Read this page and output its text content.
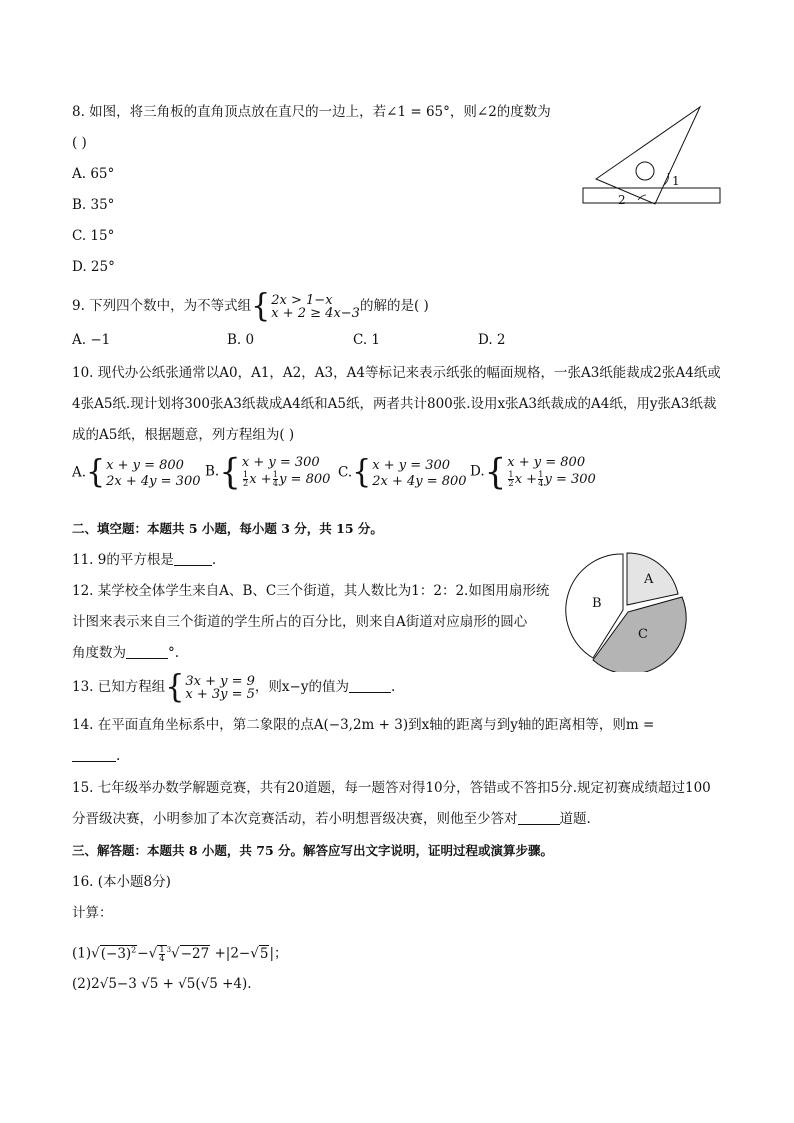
8. 如图，将三角板的直角顶点放在直尺的一边上，若∠1 = 65°，则∠2的度数为
( )
A. 65°
B. 35°
C. 15°
D. 25°
1
2
9. 下列四个数中，为不等式组 { 2x > 1−x
x + 2 ≥ 4x−3 的解的是( )
A. −1	B. 0	C. 1	D. 2
10. 现代办公纸张通常以A0，A1，A2，A3，A4等标记来表示纸张的幅面规格，一张A3纸能裁成2张A4纸或
4张A5纸.现计划将300张A3纸裁成A4纸和A5纸，两者共计800张.设用x张A3纸裁成的A4纸，用y张A3纸裁
成的A5纸，根据题意，列方程组为( )
A. { x + y = 800
2x + 4y = 300
B. { x + y = 300
$\frac{1}{2}$ $x + \frac{1}{4}$ y = 800 C. { x + y = 300
2x + 4y = 800
D. { x + y = 800
$\frac{1}{2}$ $x + \frac{1}{4}$ y = 300
二、填空题：本题共 5 小题，每小题 3 分，共 15 分。
11. 9的平方根是	.
12. 某学校全体学生来自A、B、C三个街道，其人数比为1：2：2.如图用扇形统
计图来表示来自三个街道的学生所占的百分比，则来自A街道对应扇形的圆心
角度数为	°.
A
B
C
13. 已知方程组 { 3x + y = 9
x + 3y = 5 ，则x−y的值为	.
14. 在平面直角坐标系中，第二象限的点A(−3,2m + 3)到x轴的距离与到y轴的距离相等，则m =
.
15. 七年级举办数学解题竞赛，共有20道题，每一题答对得10分，答错或不答扣5分.规定初赛成绩超过100
分晋级决赛，小明参加了本次竞赛活动，若小明想晋级决赛，则他至少答对	道题.
三、解答题：本题共 8 小题，共 75 分。解答应写出文字说明，证明过程或演算步骤。
16. (本小题8分)
计算：
$(1)√(-3)^2-√ \frac{1}{4} ^3√-27 +|2-√5|$；
(2)2√5−3 √5 + √5(√5 +4).
